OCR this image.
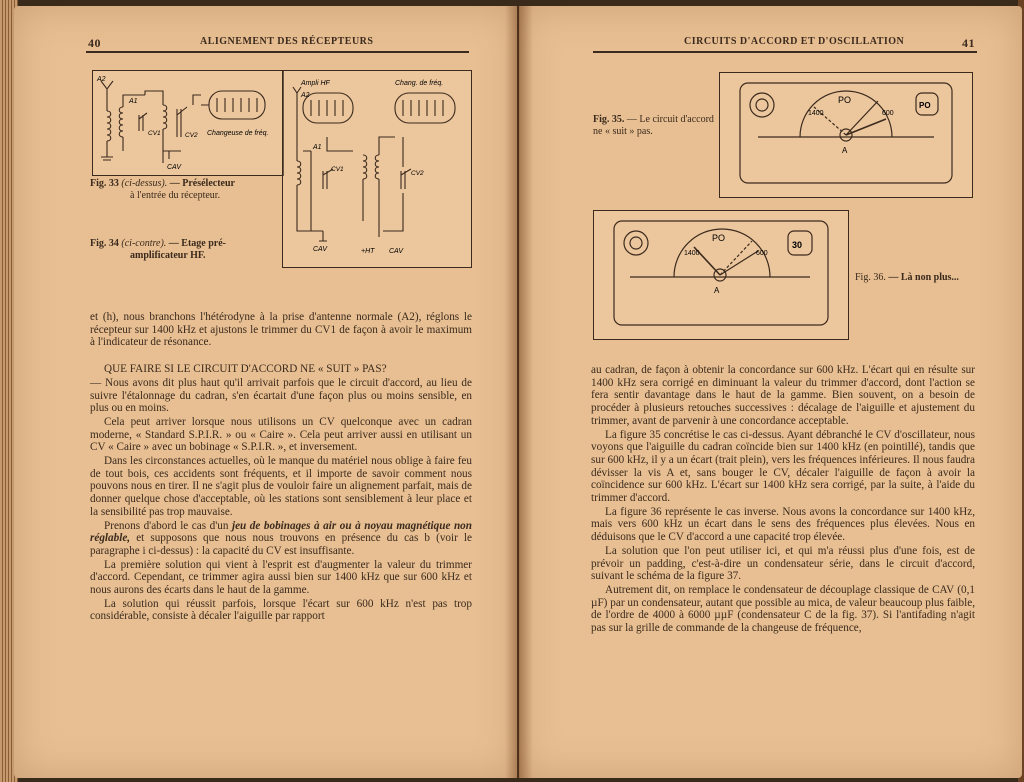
40	ALIGNEMENT DES RÉCEPTEURS
A2
A1
CV1
CAV
CV2 Changeuse de fréq.
Ampli HF	Chang. de fréq.
A2
A1
CV1
CV2
CAV	+HT CAV
Fig. 33 (ci-dessus). — Présélecteur
à l'entrée du récepteur.
Fig. 34 (ci-contre). — Etage pré-
amplificateur HF.

et (h), nous branchons l'hétérodyne à la prise d'antenne normale (A2), réglons le récepteur sur 1400 kHz et ajustons le trimmer du CV1 de façon à avoir le maximum à l'indicateur de résonance.

QUE FAIRE SI LE CIRCUIT D'ACCORD NE « SUIT » PAS?

— Nous avons dit plus haut qu'il arrivait parfois que le circuit d'accord, au lieu de suivre l'étalonnage du cadran, s'en écartait d'une façon plus ou moins sensible, en plus ou en moins.

Cela peut arriver lorsque nous utilisons un CV quelconque avec un cadran moderne, « Standard S.P.I.R. » ou « Caire ». Cela peut arriver aussi en utilisant un CV « Caire » avec un bobinage « S.P.I.R. », et inversement.

Dans les circonstances actuelles, où le manque du matériel nous oblige à faire feu de tout bois, ces accidents sont fréquents, et il importe de savoir comment nous pouvons nous en tirer. Il ne s'agit plus de vouloir faire un alignement parfait, mais de donner quelque chose d'acceptable, où les stations sont sensiblement à leur place et la sensibilité pas trop mauvaise.

Prenons d'abord le cas d'un jeu de bobinages à air ou à noyau magnétique non réglable, et supposons que nous nous trouvons en présence du cas b (voir le paragraphe i ci-dessus) : la capacité du CV est insuffisante.

La première solution qui vient à l'esprit est d'augmenter la valeur du trimmer d'accord. Cependant, ce trimmer agira aussi bien sur 1400 kHz que sur 600 kHz et nous aurons des écarts dans le haut de la gamme.

La solution qui réussit parfois, lorsque l'écart sur 600 kHz n'est pas trop considérable, consiste à décaler l'aiguille par rapport

CIRCUITS D'ACCORD ET D'OSCILLATION	41
Fig. 35. — Le circuit d'accord ne « suit » pas.
PO
1400	600
A
PO
PO
1400	600
A
30
Fig. 36. — Là non plus...

au cadran, de façon à obtenir la concordance sur 600 kHz. L'écart qui en résulte sur 1400 kHz sera corrigé en diminuant la valeur du trimmer d'accord, dont l'action se fera sentir davantage dans le haut de la gamme. Bien souvent, on a besoin de procéder à plusieurs retouches successives : décalage de l'aiguille et ajustement du trimmer, avant de parvenir à une concordance acceptable.

La figure 35 concrétise le cas ci-dessus. Ayant débranché le CV d'oscillateur, nous voyons que l'aiguille du cadran coïncide bien sur 1400 kHz (en pointillé), tandis que sur 600 kHz, il y a un écart (trait plein), vers les fréquences inférieures. Il nous faudra dévisser la vis A et, sans bouger le CV, décaler l'aiguille de façon à avoir la coïncidence sur 600 kHz. L'écart sur 1400 kHz sera corrigé, par la suite, à l'aide du trimmer d'accord.

La figure 36 représente le cas inverse. Nous avons la concordance sur 1400 kHz, mais vers 600 kHz un écart dans le sens des fréquences plus élevées. Nous en déduisons que le CV d'accord a une capacité trop élevée.

La solution que l'on peut utiliser ici, et qui m'a réussi plus d'une fois, est de prévoir un padding, c'est-à-dire un condensateur série, dans le circuit d'accord, suivant le schéma de la figure 37.

Autrement dit, on remplace le condensateur de découplage classique de CAV (0,1 µF) par un condensateur, autant que possible au mica, de valeur beaucoup plus faible, de l'ordre de 4000 à 6000 µµF (condensateur C de la fig. 37). Si l'antifading n'agit pas sur la grille de commande de la changeuse de fréquence,
